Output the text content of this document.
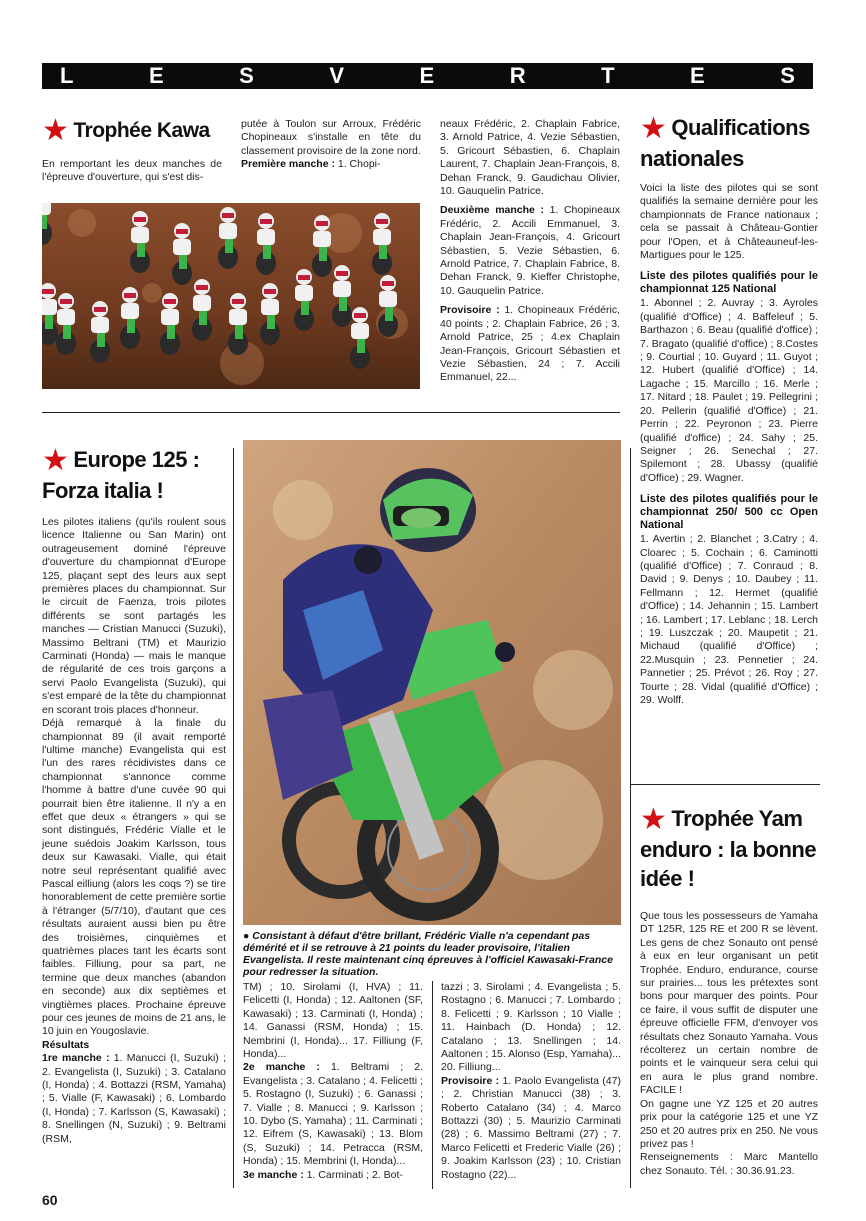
L	E	S	V	E	R	T	E	S
★ Trophée Kawa

En remportant les deux manches de l'épreuve d'ouverture, qui s'est dis-

putée à Toulon sur Arroux, Frédéric Chopineaux s'installe en tête du classement provisoire de la zone nord.

Première manche : 1. Chopi-

neaux Frédéric, 2. Chaplain Fabrice, 3. Arnold Patrice, 4. Vezie Sébastien, 5. Gricourt Sébastien, 6. Chaplain Laurent, 7. Chaplain Jean-François, 8. Dehan Franck, 9. Gaudichau Olivier, 10. Gauquelin Patrice.

Deuxième manche : 1. Chopineaux Frédéric, 2. Accili Emmanuel, 3. Chaplain Jean-François, 4. Gricourt Sébastien, 5. Vezie Sébastien, 6. Arnold Patrice, 7. Chaplain Fabrice, 8. Dehan Franck, 9. Kieffer Christophe, 10. Gauquelin Patrice.

Provisoire : 1. Chopineaux Frédéric, 40 points ; 2. Chaplain Fabrice, 26 ; 3. Arnold Patrice, 25 ; 4.ex Chaplain Jean-François, Gricourt Sébastien et Vezie Sébastien, 24 ; 7. Accili Emmanuel, 22...

★ Qualifications
nationales

Voici la liste des pilotes qui se sont qualifiés la semaine dernière pour les championnats de France nationaux ; cela se passait à Château-Gontier pour l'Open, et à Châteauneuf-les-Martigues pour le 125.

Liste des pilotes qualifiés pour le championnat 125 National

1. Abonnel ; 2. Auvray ; 3. Ayroles (qualifié d'Office) ; 4. Baffeleuf ; 5. Barthazon ; 6. Beau (qualifié d'office) ; 7. Bragato (qualifié d'office) ; 8.Costes ; 9. Courtial ; 10. Guyard ; 11. Guyot ; 12. Hubert (qualifié d'Office) ; 14. Lagache ; 15. Marcillo ; 16. Merle ; 17. Nitard ; 18. Paulet ; 19. Pellegrini ; 20. Pellerin (qualifié d'Office) ; 21. Perrin ; 22. Peyronon ; 23. Pierre (qualifié d'office) ; 24. Sahy ; 25. Seigner ; 26. Senechal ; 27. Spilemont ; 28. Ubassy (qualifié d'Office) ; 29. Wagner.

Liste des pilotes qualifiés pour le championnat 250/ 500 cc Open National

1. Avertin ; 2. Blanchet ; 3.Catry ; 4. Cloarec ; 5. Cochain ; 6. Caminotti (qualifié d'Office) ; 7. Conraud ; 8. David ; 9. Denys ; 10. Daubey ; 11. Fellmann ; 12. Hermet (qualifié d'Office) ; 14. Jehannin ; 15. Lambert ; 16. Lambert ; 17. Leblanc ; 18. Lerch ; 19. Luszczak ; 20. Maupetit ; 21. Michaud (qualifié d'Office) ; 22.Musquin ; 23. Pennetier ; 24. Pannetier ; 25. Prévot ; 26. Roy ; 27. Tourte ; 28. Vidal (qualifié d'Office) ; 29. Wolff.

★ Europe 125 :
Forza italia !

Les pilotes italiens (qu'ils roulent sous licence Italienne ou San Marin) ont outrageusement dominé l'épreuve d'ouverture du championnat d'Europe 125, plaçant sept des leurs aux sept premières places du championnat. Sur le circuit de Faenza, trois pilotes différents se sont partagés les manches — Cristian Manucci (Suzuki), Massimo Beltrani (TM) et Maurizio Carminati (Honda) — mais le manque de régularité de ces trois garçons a servi Paolo Evangelista (Suzuki), qui s'est emparé de la tête du championnat en scorant trois places d'honneur.

Déjà remarqué à la finale du championnat 89 (il avait remporté l'ultime manche) Evangelista qui est l'un des rares récidivistes dans ce championnat s'annonce comme l'homme à battre d'une cuvée 90 qui pourrait bien être italienne. Il n'y a en effet que deux « étrangers » qui se sont distingués, Frédéric Vialle et le jeune suédois Joakim Karlsson, tous deux sur Kawasaki. Vialle, qui était notre seul représentant qualifié avec Pascal eilliung (alors les coqs ?) se tire honorablement de cette première sortie à l'étranger (5/7/10), d'autant que ces résultats auraient aussi bien pu être des troisièmes, cinquièmes et quatrièmes places tant les écarts sont faibles. Filliung, pour sa part, ne termine que deux manches (abandon en seconde) aux dix septièmes et vingtièmes places. Prochaine épreuve pour ces jeunes de moins de 21 ans, le 10 juin en Yougoslavie.

Résultats

1re manche : 1. Manucci (I, Suzuki) ; 2. Evangelista (I, Suzuki) ; 3. Catalano (I, Honda) ; 4. Bottazzi (RSM, Yamaha) ; 5. Vialle (F, Kawasaki) ; 6. Lombardo (I, Honda) ; 7. Karlsson (S, Kawasaki) ; 8. Snellingen (N, Suzuki) ; 9. Beltrami (RSM,

● Consistant à défaut d'être brillant, Frédéric Vialle n'a cependant pas démérité et il se retrouve à 21 points du leader provisoire, l'italien Evangelista. Il reste maintenant cinq épreuves à l'officiel Kawasaki-France pour redresser la situation.

TM) ; 10. Sirolami (I, HVA) ; 11. Felicetti (I, Honda) ; 12. Aaltonen (SF, Kawasaki) ; 13. Carminati (I, Honda) ; 14. Ganassi (RSM, Honda) ; 15. Nembrini (I, Honda)... 17. Filliung (F, Honda)...

2e manche : 1. Beltrami ; 2. Evangelista ; 3. Catalano ; 4. Felicetti ; 5. Rostagno (I, Suzuki) ; 6. Ganassi ; 7. Vialle ; 8. Manucci ; 9. Karlsson ; 10. Dybo (S, Yamaha) ; 11. Carminati ; 12. Eifrem (S, Kawasaki) ; 13. Blom (S, Suzuki) ; 14. Petracca (RSM, Honda) ; 15. Membrini (I, Honda)...

3e manche : 1. Carminati ; 2. Bot-

tazzi ; 3. Sirolami ; 4. Evangelista ; 5. Rostagno ; 6. Manucci ; 7. Lombardo ; 8. Felicetti ; 9. Karlsson ; 10 Vialle ; 11. Hainbach (D. Honda) ; 12. Catalano ; 13. Snellingen ; 14. Aaltonen ; 15. Alonso (Esp, Yamaha)... 20. Filliung...

Provisoire : 1. Paolo Evangelista (47) ; 2. Christian Manucci (38) ; 3. Roberto Catalano (34) ; 4. Marco Bottazzi (30) ; 5. Maurizio Carminati (28) ; 6. Massimo Beltrami (27) ; 7. Marco Felicetti et Frederic Vialle (26) ; 9. Joakim Karlsson (23) ; 10. Cristian Rostagno (22)...

★ Trophée Yam
enduro : la bonne
idée !

Que tous les possesseurs de Yamaha DT 125R, 125 RE et 200 R se lèvent. Les gens de chez Sonauto ont pensé à eux en leur organisant un petit Trophée. Enduro, endurance, course sur prairies... tous les prétextes sont bons pour marquer des points. Pour ce faire, il vous suffit de disputer une épreuve officielle FFM, d'envoyer vos résultats chez Sonauto Yamaha. Vous récolterez un certain nombre de points et le vainqueur sera celui qui en aura le plus grand nombre. FACILE !

On gagne une YZ 125 et 20 autres prix pour la catégorie 125 et une YZ 250 et 20 autres prix en 250. Ne vous privez pas !

Renseignements : Marc Mantello chez Sonauto. Tél. : 30.36.91.23.

60
